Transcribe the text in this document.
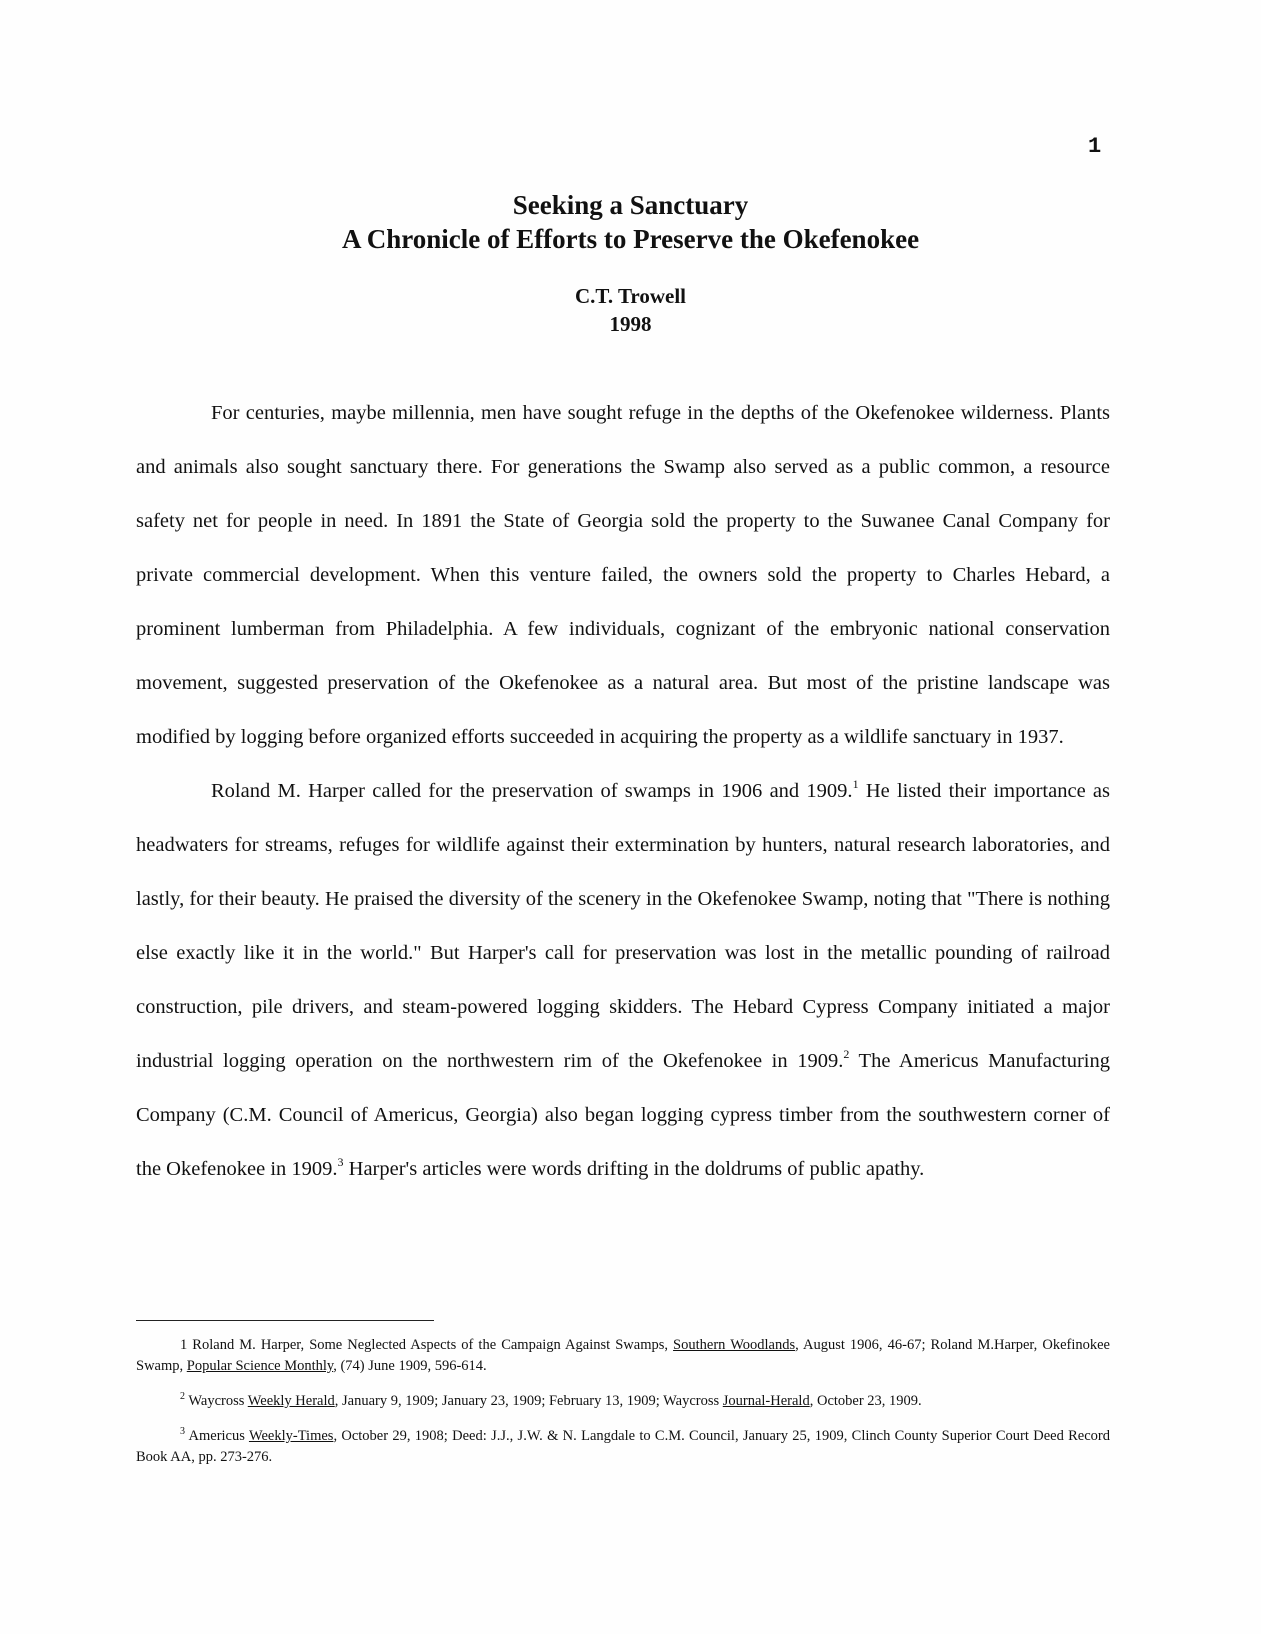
1
Seeking a Sanctuary
A Chronicle of Efforts to Preserve the Okefenokee
C.T. Trowell
1998

For centuries, maybe millennia, men have sought refuge in the depths of the Okefenokee wilderness. Plants and animals also sought sanctuary there. For generations the Swamp also served as a public common, a resource safety net for people in need. In 1891 the State of Georgia sold the property to the Suwanee Canal Company for private commercial development. When this venture failed, the owners sold the property to Charles Hebard, a prominent lumberman from Philadelphia. A few individuals, cognizant of the embryonic national conservation movement, suggested preservation of the Okefenokee as a natural area. But most of the pristine landscape was modified by logging before organized efforts succeeded in acquiring the property as a wildlife sanctuary in 1937.

Roland M. Harper called for the preservation of swamps in 1906 and 1909.$^1$ He listed their importance as headwaters for streams, refuges for wildlife against their extermination by hunters, natural research laboratories, and lastly, for their beauty. He praised the diversity of the scenery in the Okefenokee Swamp, noting that "There is nothing else exactly like it in the world." But Harper's call for preservation was lost in the metallic pounding of railroad construction, pile drivers, and steam-powered logging skidders. The Hebard Cypress Company initiated a major industrial logging operation on the northwestern rim of the Okefenokee in 1909.$^2$ The Americus Manufacturing Company (C.M. Council of Americus, Georgia) also began logging cypress timber from the southwestern corner of the Okefenokee in 1909.$^3$ Harper's articles were words drifting in the doldrums of public apathy.

1 Roland M. Harper, Some Neglected Aspects of the Campaign Against Swamps, Southern Woodlands, August 1906, 46-67; Roland M.Harper, Okefinokee Swamp, Popular Science Monthly, (74) June 1909, 596-614.

$^2$ Waycross Weekly Herald, January 9, 1909; January 23, 1909; February 13, 1909; Waycross Journal-Herald, October 23, 1909.

$^3$ Americus Weekly-Times, October 29, 1908; Deed: J.J., J.W. & N. Langdale to C.M. Council, January 25, 1909, Clinch County Superior Court Deed Record Book AA, pp. 273-276.
